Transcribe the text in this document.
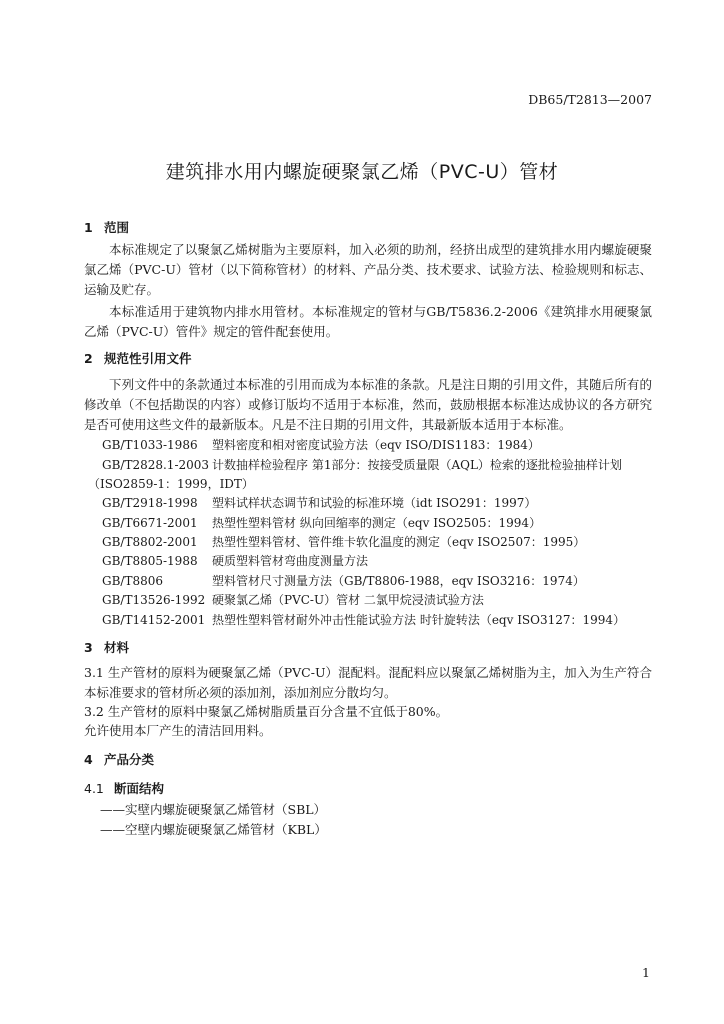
DB65/T2813—2007
建筑排水用内螺旋硬聚氯乙烯（PVC-U）管材
1 范围
本标准规定了以聚氯乙烯树脂为主要原料，加入必须的助剂，经挤出成型的建筑排水用内螺旋硬聚氯乙烯（PVC-U）管材（以下简称管材）的材料、产品分类、技术要求、试验方法、检验规则和标志、运输及贮存。
本标准适用于建筑物内排水用管材。本标准规定的管材与GB/T5836.2-2006《建筑排水用硬聚氯乙烯（PVC-U）管件》规定的管件配套使用。
2 规范性引用文件
下列文件中的条款通过本标准的引用而成为本标准的条款。凡是注日期的引用文件，其随后所有的修改单（不包括勘误的内容）或修订版均不适用于本标准，然而，鼓励根据本标准达成协议的各方研究是否可使用这些文件的最新版本。凡是不注日期的引用文件，其最新版本适用于本标准。
GB/T1033-1986 塑料密度和相对密度试验方法（eqv ISO/DIS1183：1984）
GB/T2828.1-2003 计数抽样检验程序 第1部分：按接受质量限（AQL）检索的逐批检验抽样计划
（ISO2859-1：1999，IDT）
GB/T2918-1998 塑料试样状态调节和试验的标准环境（idt ISO291：1997）
GB/T6671-2001 热塑性塑料管材 纵向回缩率的测定（eqv ISO2505：1994）
GB/T8802-2001 热塑性塑料管材、管件维卡软化温度的测定（eqv ISO2507：1995）
GB/T8805-1988 硬质塑料管材弯曲度测量方法
GB/T8806	塑料管材尺寸测量方法（GB/T8806-1988，eqv ISO3216：1974）
GB/T13526-1992 硬聚氯乙烯（PVC-U）管材 二氯甲烷浸渍试验方法
GB/T14152-2001 热塑性塑料管材耐外冲击性能试验方法 时针旋转法（eqv ISO3127：1994）
3 材料
3.1 生产管材的原料为硬聚氯乙烯（PVC-U）混配料。混配料应以聚氯乙烯树脂为主，加入为生产符合本标准要求的管材所必须的添加剂，添加剂应分散均匀。
3.2 生产管材的原料中聚氯乙烯树脂质量百分含量不宜低于80%。
允许使用本厂产生的清洁回用料。
4 产品分类
4.1 断面结构
——实壁内螺旋硬聚氯乙烯管材（SBL）
——空壁内螺旋硬聚氯乙烯管材（KBL）
1
